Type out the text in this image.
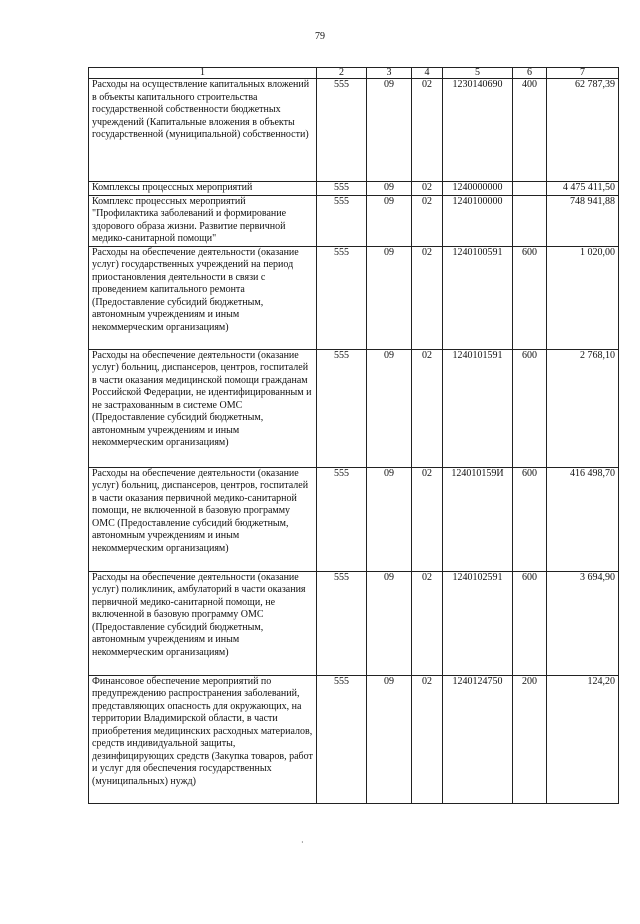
79
1	2	3	4	5	6	7
Расходы на осуществление капитальных вложений в объекты капитального строительства государственной собственности бюджетных учреждений (Капитальные вложения в объекты государственной (муниципальной) собственности)	555	09	02	1230140690	400	62 787,39
Комплексы процессных мероприятий	555	09	02	1240000000		4 475 411,50
Комплекс процессных мероприятий "Профилактика заболеваний и формирование здорового образа жизни. Развитие первичной медико-санитарной помощи"	555	09	02	1240100000		748 941,88
Расходы на обеспечение деятельности (оказание услуг) государственных учреждений на период приостановления деятельности в связи с проведением капитального ремонта (Предоставление субсидий бюджетным, автономным учреждениям и иным некоммерческим организациям)	555	09	02	1240100591	600	1 020,00
Расходы на обеспечение деятельности (оказание услуг) больниц, диспансеров, центров, госпиталей в части оказания медицинской помощи гражданам Российской Федерации, не идентифицированным и не застрахованным в системе ОМС (Предоставление субсидий бюджетным, автономным учреждениям и иным некоммерческим организациям)	555	09	02	1240101591	600	2 768,10
Расходы на обеспечение деятельности (оказание услуг) больниц, диспансеров, центров, госпиталей в части оказания первичной медико-санитарной помощи, не включенной в базовую программу ОМС (Предоставление субсидий бюджетным, автономным учреждениям и иным некоммерческим организациям)	555	09	02	124010159И	600	416 498,70
Расходы на обеспечение деятельности (оказание услуг) поликлиник, амбулаторий в части оказания первичной медико-санитарной помощи, не включенной в базовую программу ОМС (Предоставление субсидий бюджетным, автономным учреждениям и иным некоммерческим организациям)	555	09	02	1240102591	600	3 694,90
Финансовое обеспечение мероприятий по предупреждению распространения заболеваний, представляющих опасность для окружающих, на территории Владимирской области, в части приобретения медицинских расходных материалов, средств индивидуальной защиты, дезинфицирующих средств (Закупка товаров, работ и услуг для обеспечения государственных (муниципальных) нужд)	555	09	02	1240124750	200	124,20
·
